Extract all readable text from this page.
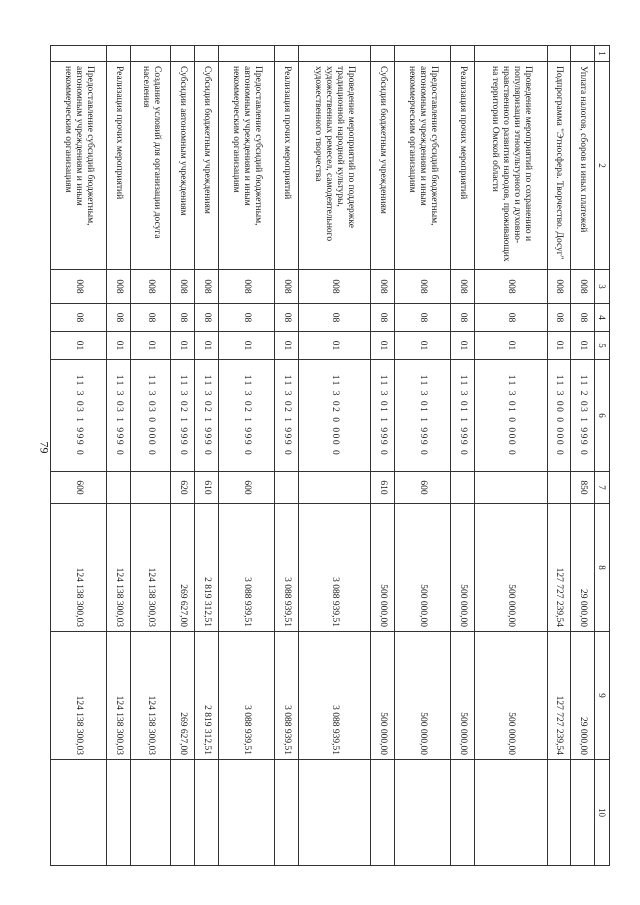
79
1	2	3	4	5	6	7	8	9	10
	Уплата налогов, сборов и иных платежей	008	08	01	11 2 03 1 999 0	850	29 000,00	29 000,00	
	Подпрограмма "Этносфера. Творчество. Досуг"	008	08	01	11 3 00 0 000 0		127 727 239,54	127 727 239,54	
	Проведение мероприятий по сохранению и популяризации этнокультурного и духовно-нравственного развития народов, проживающих на территории Омской области	008	08	01	11 3 01 0 000 0		500 000,00	500 000,00	
	Реализация прочих мероприятий	008	08	01	11 3 01 1 999 0		500 000,00	500 000,00	
	Предоставление субсидий бюджетным, автономным учреждениям и иным некоммерческим организациям	008	08	01	11 3 01 1 999 0	600	500 000,00	500 000,00	
	Субсидии бюджетным учреждениям	008	08	01	11 3 01 1 999 0	610	500 000,00	500 000,00	
	Проведение мероприятий по поддержке традиционной народной культуры, художественных ремесел, самодеятельного художественного творчества	008	08	01	11 3 02 0 000 0		3 088 939,51	3 088 939,51	
	Реализация прочих мероприятий	008	08	01	11 3 02 1 999 0		3 088 939,51	3 088 939,51	
	Предоставление субсидий бюджетным, автономным учреждениям и иным некоммерческим организациям	008	08	01	11 3 02 1 999 0	600	3 088 939,51	3 088 939,51	
	Субсидии бюджетным учреждениям	008	08	01	11 3 02 1 999 0	610	2 819 312,51	2 819 312,51	
	Субсидии автономным учреждениям	008	08	01	11 3 02 1 999 0	620	269 627,00	269 627,00	
	Создание условий для организации досуга населения	008	08	01	11 3 03 0 000 0		124 138 300,03	124 138 300,03	
	Реализация прочих мероприятий	008	08	01	11 3 03 1 999 0		124 138 300,03	124 138 300,03	
	Предоставление субсидий бюджетным, автономным учреждениям и иным некоммерческим организациям	008	08	01	11 3 03 1 999 0	600	124 138 300,03	124 138 300,03	
